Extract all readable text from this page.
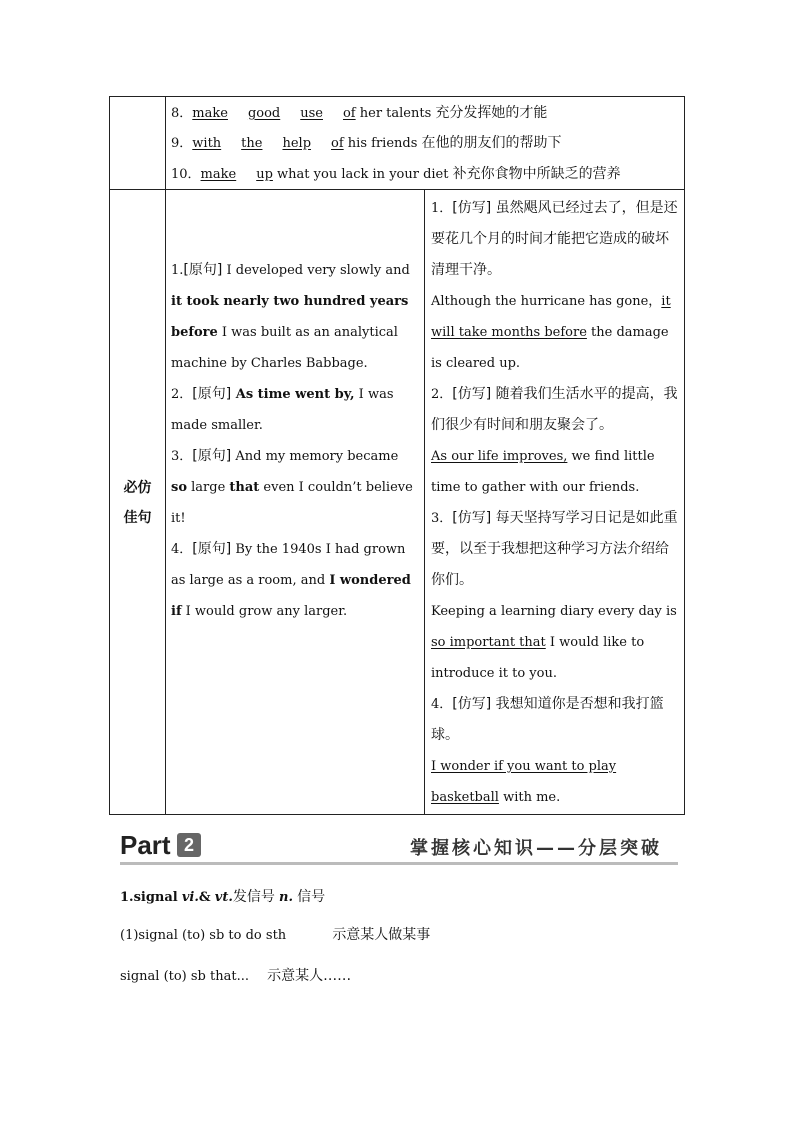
8．make good use of her talents 充分发挥她的才能
9．with the help of his friends 在他的朋友们的帮助下
10．make up what you lack in your diet 补充你食物中所缺乏的营养
必仿佳句

1.[原句] I developed very slowly and it took nearly two hundred years before I was built as an analytical machine by Charles Babbage.

2．[原句] As time went by, I was made smaller.

3．[原句] And my memory became so large that even I couldn’t believe it!

4．[原句] By the 1940s I had grown as large as a room, and I wondered if I would grow any larger.

1．[仿写] 虽然飓风已经过去了，但是还要花几个月的时间才能把它造成的破坏清理干净。

Although the hurricane has gone，it will take months before the damage is cleared up.

2．[仿写] 随着我们生活水平的提高，我们很少有时间和朋友聚会了。

As our life improves, we find little time to gather with our friends.

3．[仿写] 每天坚持写学习日记是如此重要，以至于我想把这种学习方法介绍给你们。

Keeping a learning diary every day is so important that I would like to introduce it to you.

4．[仿写] 我想知道你是否想和我打篮球。

I wonder if you want to play basketball with me.

Part 2	掌握核心知识——分层突破
1.signal vi.& vt.发信号 n. 信号
(1)signal (to) sb to do sth	示意某人做某事
signal (to) sb that... 示意某人……
